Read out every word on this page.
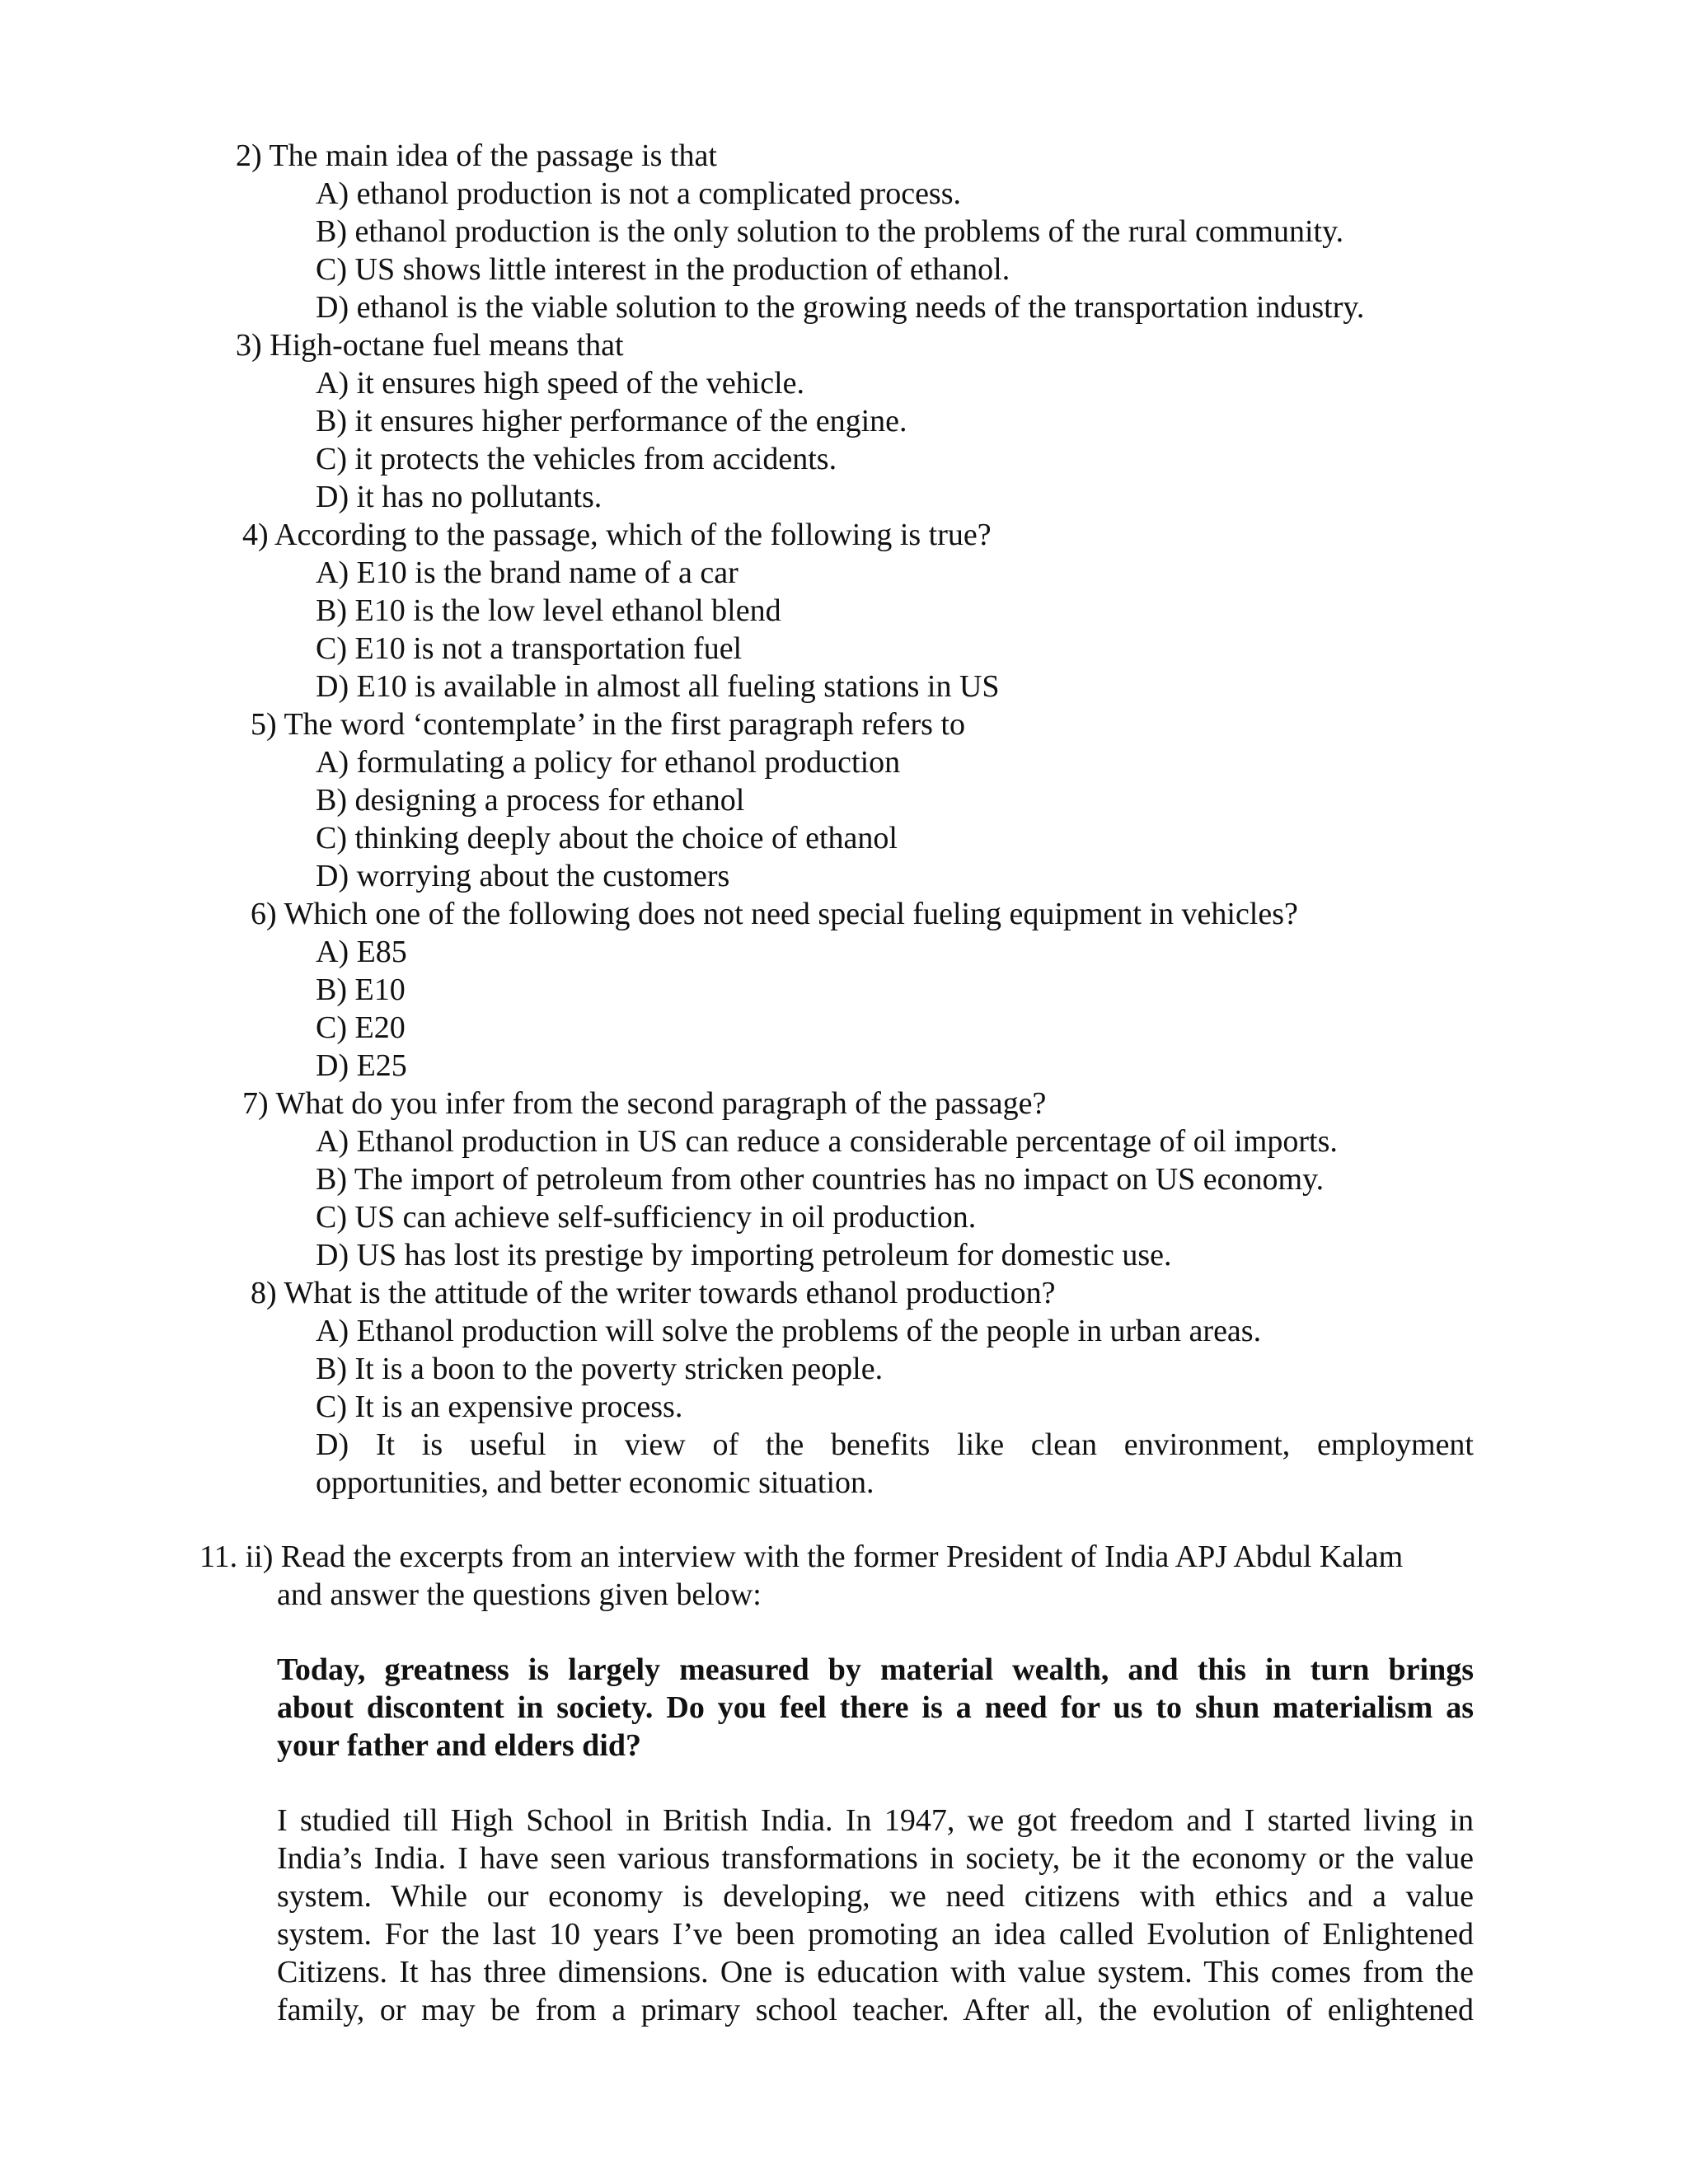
2) The main idea of the passage is that
A) ethanol production is not a complicated process.
B) ethanol production is the only solution to the problems of the rural community.
C) US shows little interest in the production of ethanol.
D) ethanol is the viable solution to the growing needs of the transportation industry.
3) High-octane fuel means that
A) it ensures high speed of the vehicle.
B) it ensures higher performance of the engine.
C) it protects the vehicles from accidents.
D) it has no pollutants.
4) According to the passage, which of the following is true?
A) E10 is the brand name of a car
B) E10 is the low level ethanol blend
C) E10 is not a transportation fuel
D) E10 is available in almost all fueling stations in US
5) The word ‘contemplate’ in the first paragraph refers to
A) formulating a policy for ethanol production
B) designing a process for ethanol
C) thinking deeply about the choice of ethanol
D) worrying about the customers
6) Which one of the following does not need special fueling equipment in vehicles?
A) E85
B) E10
C) E20
D) E25
7) What do you infer from the second paragraph of the passage?
A) Ethanol production in US can reduce a considerable percentage of oil imports.
B) The import of petroleum from other countries has no impact on US economy.
C) US can achieve self-sufficiency in oil production.
D) US has lost its prestige by importing petroleum for domestic use.
8) What is the attitude of the writer towards ethanol production?
A) Ethanol production will solve the problems of the people in urban areas.
B) It is a boon to the poverty stricken people.
C) It is an expensive process.
D) It is useful in view of the benefits like clean environment, employment
opportunities, and better economic situation.
11. ii) Read the excerpts from an interview with the former President of India APJ Abdul Kalam
and answer the questions given below:
Today, greatness is largely measured by material wealth, and this in turn brings
about discontent in society. Do you feel there is a need for us to shun materialism as
your father and elders did?
I studied till High School in British India. In 1947, we got freedom and I started living in
India’s India. I have seen various transformations in society, be it the economy or the value
system. While our economy is developing, we need citizens with ethics and a value
system. For the last 10 years I’ve been promoting an idea called Evolution of Enlightened
Citizens. It has three dimensions. One is education with value system. This comes from the
family, or may be from a primary school teacher. After all, the evolution of enlightened
